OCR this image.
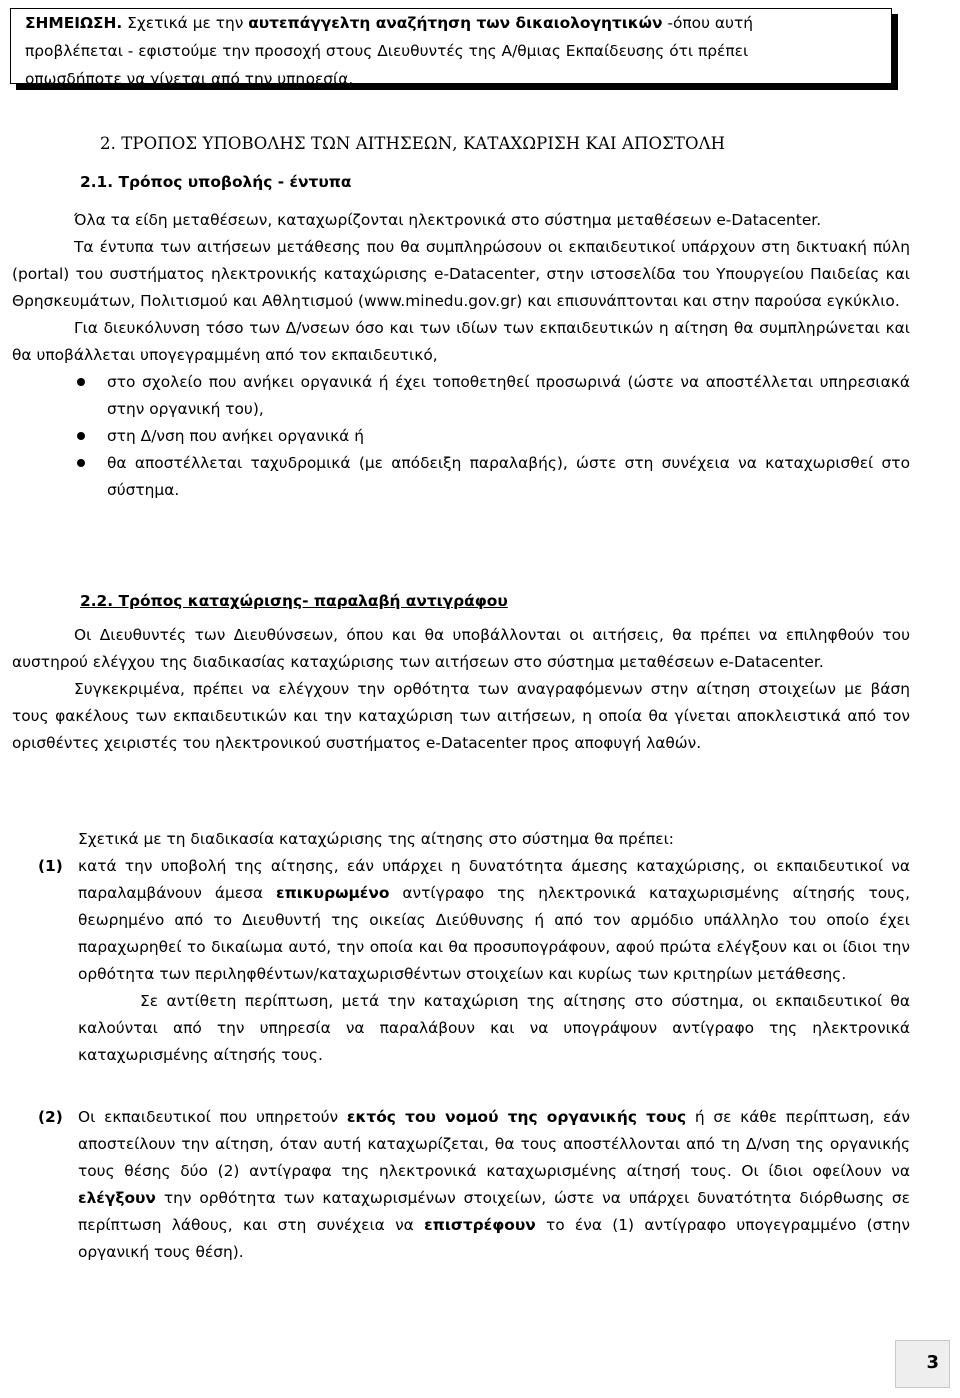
ΣΗΜΕΙΩΣΗ. Σχετικά με την αυτεπάγγελτη αναζήτηση των δικαιολογητικών -όπου αυτή
προβλέπεται - εφιστούμε την προσοχή στους Διευθυντές της Α/θμιας Εκπαίδευσης ότι πρέπει
οπωσδήποτε να γίνεται από την υπηρεσία.

2. ΤΡΟΠΟΣ ΥΠΟΒΟΛΗΣ ΤΩΝ ΑΙΤΗΣΕΩΝ, ΚΑΤΑΧΩΡΙΣΗ ΚΑΙ ΑΠΟΣΤΟΛΗ
2.1. Τρόπος υποβολής - έντυπα

Όλα τα είδη μεταθέσεων, καταχωρίζονται ηλεκτρονικά στο σύστημα μεταθέσεων e-Datacenter.

Τα έντυπα των αιτήσεων μετάθεσης που θα συμπληρώσουν οι εκπαιδευτικοί υπάρχουν στη δικτυακή πύλη (portal) του συστήματος ηλεκτρονικής καταχώρισης e-Datacenter, στην ιστοσελίδα του Υπουργείου Παιδείας και Θρησκευμάτων, Πολιτισμού και Αθλητισμού (www.minedu.gov.gr) και επισυνάπτονται και στην παρούσα εγκύκλιο.

Για διευκόλυνση τόσο των Δ/νσεων όσο και των ιδίων των εκπαιδευτικών η αίτηση θα συμπληρώνεται και θα υποβάλλεται υπογεγραμμένη από τον εκπαιδευτικό,

στο σχολείο που ανήκει οργανικά ή έχει τοποθετηθεί προσωρινά (ώστε να αποστέλλεται υπηρεσιακά στην οργανική του),
στη Δ/νση που ανήκει οργανικά ή
θα αποστέλλεται ταχυδρομικά (με απόδειξη παραλαβής), ώστε στη συνέχεια να καταχωρισθεί στο σύστημα.
2.2. Τρόπος καταχώρισης- παραλαβή αντιγράφου

Οι Διευθυντές των Διευθύνσεων, όπου και θα υποβάλλονται οι αιτήσεις, θα πρέπει να επιληφθούν του αυστηρού ελέγχου της διαδικασίας καταχώρισης των αιτήσεων στο σύστημα μεταθέσεων e-Datacenter.

Συγκεκριμένα, πρέπει να ελέγχουν την ορθότητα των αναγραφόμενων στην αίτηση στοιχείων με βάση τους φακέλους των εκπαιδευτικών και την καταχώριση των αιτήσεων, η οποία θα γίνεται αποκλειστικά από τον ορισθέντες χειριστές του ηλεκτρονικού συστήματος e-Datacenter προς αποφυγή λαθών.

Σχετικά με τη διαδικασία καταχώρισης της αίτησης στο σύστημα θα πρέπει:

(1) κατά την υποβολή της αίτησης, εάν υπάρχει η δυνατότητα άμεσης καταχώρισης, οι εκπαιδευτικοί να παραλαμβάνουν άμεσα επικυρωμένο αντίγραφο της ηλεκτρονικά καταχωρισμένης αίτησής τους, θεωρημένο από το Διευθυντή της οικείας Διεύθυνσης ή από τον αρμόδιο υπάλληλο του οποίο έχει παραχωρηθεί το δικαίωμα αυτό, την οποία και θα προσυπογράφουν, αφού πρώτα ελέγξουν και οι ίδιοι την ορθότητα των περιληφθέντων/καταχωρισθέντων στοιχείων και κυρίως των κριτηρίων μετάθεσης.

Σε αντίθετη περίπτωση, μετά την καταχώριση της αίτησης στο σύστημα, οι εκπαιδευτικοί θα καλούνται από την υπηρεσία να παραλάβουν και να υπογράψουν αντίγραφο της ηλεκτρονικά καταχωρισμένης αίτησής τους.

(2) Οι εκπαιδευτικοί που υπηρετούν εκτός του νομού της οργανικής τους ή σε κάθε περίπτωση, εάν αποστείλουν την αίτηση, όταν αυτή καταχωρίζεται, θα τους αποστέλλονται από τη Δ/νση της οργανικής τους θέσης δύο (2) αντίγραφα της ηλεκτρονικά καταχωρισμένης αίτησή τους. Οι ίδιοι οφείλουν να ελέγξουν την ορθότητα των καταχωρισμένων στοιχείων, ώστε να υπάρχει δυνατότητα διόρθωσης σε περίπτωση λάθους, και στη συνέχεια να επιστρέφουν το ένα (1) αντίγραφο υπογεγραμμένο (στην οργανική τους θέση).

3
